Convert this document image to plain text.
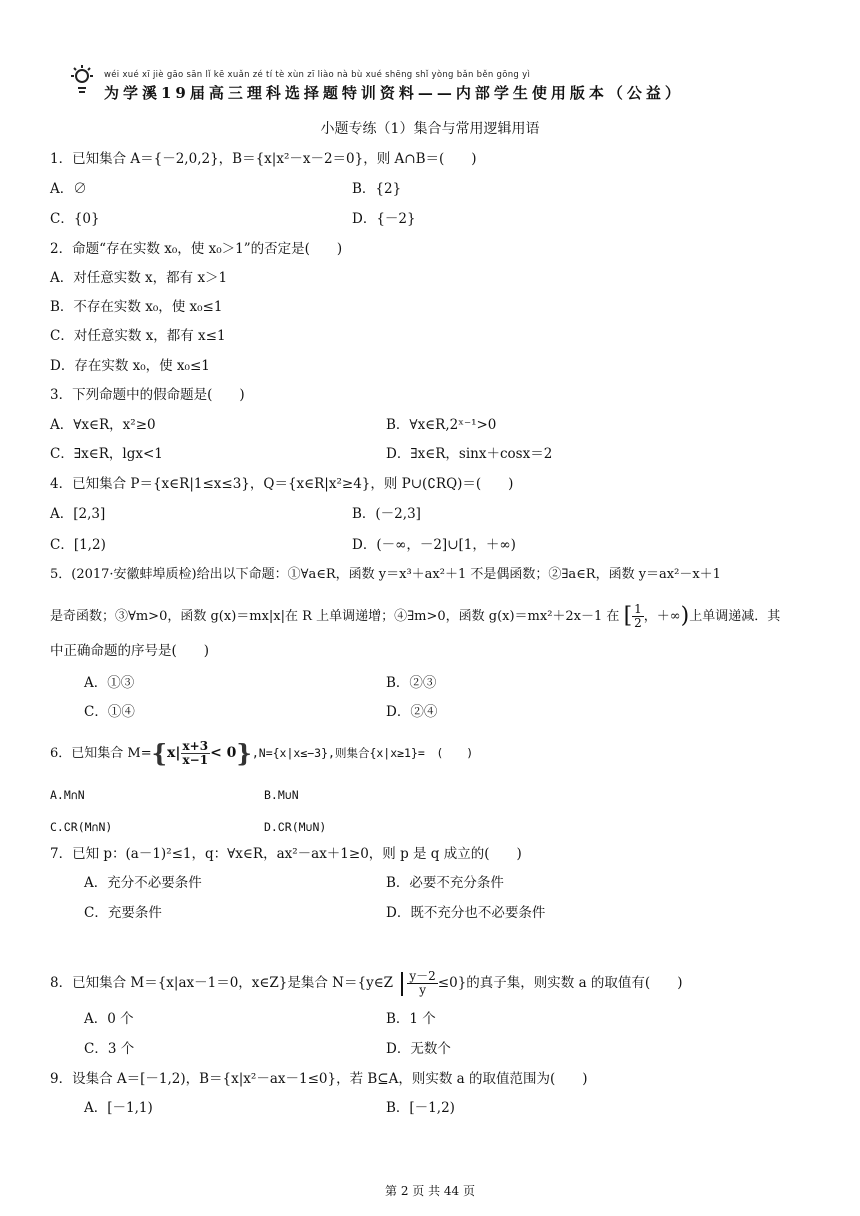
wéi xué xī jiè gāo sān lǐ kē xuǎn zé tí tè xùn zī liào nà bù xué shēng shǐ yòng bǎn běn gōng yì
为学溪19届高三理科选择题特训资料——内部学生使用版本（公益）
小题专练（1）集合与常用逻辑用语
1．已知集合 A＝{－2,0,2}，B＝{x|x²－x－2＝0}，则 A∩B＝(　　)
A．∅	B．{2}
C．{0}	D．{－2}
2．命题“存在实数 x₀，使 x₀＞1”的否定是(　　)
A．对任意实数 x，都有 x＞1
B．不存在实数 x₀，使 x₀≤1
C．对任意实数 x，都有 x≤1
D．存在实数 x₀，使 x₀≤1
3．下列命题中的假命题是(　　)
A．∀x∈R，x²≥0	B．∀x∈R,2ˣ⁻¹>0
C．∃x∈R，lgx<1	D．∃x∈R，sinx＋cosx＝2
4．已知集合 P＝{x∈R|1≤x≤3}，Q＝{x∈R|x²≥4}，则 P∪(∁RQ)＝(　　)
A．[2,3]	B．(－2,3]
C．[1,2)	D．(－∞，－2]∪[1，＋∞)
5．(2017·安徽蚌埠质检)给出以下命题：①∀a∈R，函数 y＝x³＋ax²＋1 不是偶函数；②∃a∈R，函数 y＝ax²－x＋1
是奇函数；③∀m>0，函数 g(x)＝mx|x|在 R 上单调递增；④∃m>0，函数 g(x)＝mx²＋2x－1 在 [ $\frac{1}{2}$ ，＋∞)上单调递减．其
中正确命题的序号是(　　)
A．①③	B．②③
C．①④	D．②④
6．已知集合 $M=\{x| \frac{x+3}{x-1} < 0\},N=\{x|x\le-3\}$,则集合{x|x≥1}=　(　　)
A.M∩N	B.M∪N
C.∁R(M∩N)	D.∁R(M∪N)
7．已知 p：(a－1)²≤1，q：∀x∈R，ax²－ax＋1≥0，则 p 是 q 成立的(　　)
A．充分不必要条件	B．必要不充分条件
C．充要条件	D．既不充分也不必要条件
8．已知集合 M＝{x|ax－1＝0，x∈Z}是集合 N＝{y∈Z $\frac{y-2}{y} \le 0$}的真子集，则实数 a 的取值有(　　)
A．0 个	B．1 个
C．3 个	D．无数个
9．设集合 A＝[－1,2)，B＝{x|x²－ax－1≤0}，若 B⊆A，则实数 a 的取值范围为(　　)
A．[－1,1)	B．[－1,2)
第 2 页 共 44 页
